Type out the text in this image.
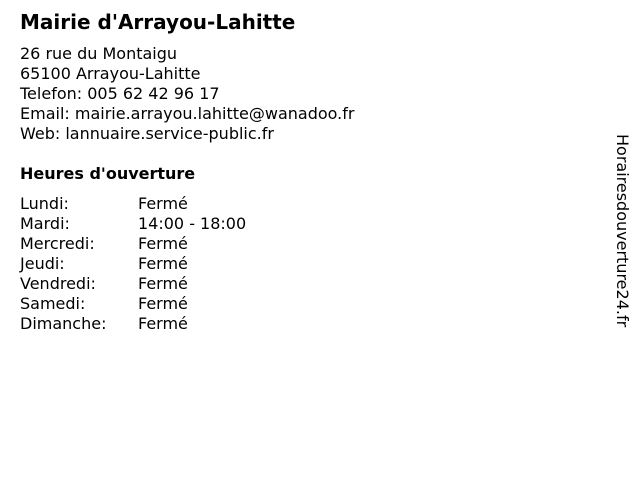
Mairie d'Arrayou-Lahitte
26 rue du Montaigu
65100 Arrayou-Lahitte
Telefon: 005 62 42 96 17
Email: mairie.arrayou.lahitte@wanadoo.fr
Web: lannuaire.service-public.fr
Heures d'ouverture
Lundi:	Fermé
Mardi:	14:00 - 18:00
Mercredi:	Fermé
Jeudi:	Fermé
Vendredi:	Fermé
Samedi:	Fermé
Dimanche:	Fermé	Horairesdouverture24.fr
